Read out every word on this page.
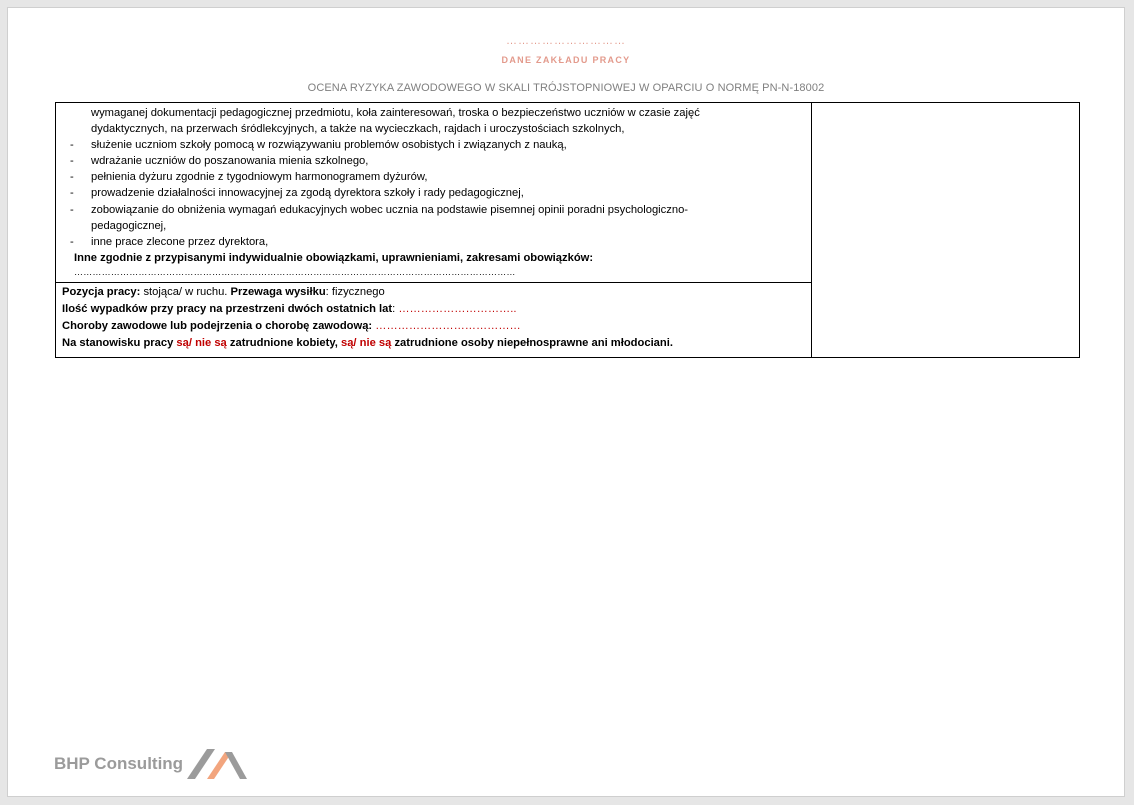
…………………………
DANE ZAKŁADU PRACY
OCENA RYZYKA ZAWODOWEGO W SKALI TRÓJSTOPNIOWEJ W OPARCIU O NORMĘ PN-N-18002
wymaganej dokumentacji pedagogicznej przedmiotu, koła zainteresowań, troska o bezpieczeństwo uczniów w czasie zajęć
dydaktycznych, na przerwach śródlekcyjnych, a także na wycieczkach, rajdach i uroczystościach szkolnych,
- służenie uczniom szkoły pomocą w rozwiązywaniu problemów osobistych i związanych z nauką,
- wdrażanie uczniów do poszanowania mienia szkolnego,
- pełnienia dyżuru zgodnie z tygodniowym harmonogramem dyżurów,
- prowadzenie działalności innowacyjnej za zgodą dyrektora szkoły i rady pedagogicznej,
- zobowiązanie do obniżenia wymagań edukacyjnych wobec ucznia na podstawie pisemnej opinii poradni psychologiczno-
pedagogicznej,
- inne prace zlecone przez dyrektora,
Inne zgodnie z przypisanymi indywidualnie obowiązkami, uprawnieniami, zakresami obowiązków:
………………………………………………………………………………………………………………………………
Pozycja pracy: stojąca/ w ruchu. Przewaga wysiłku: fizycznego
Ilość wypadków przy pracy na przestrzeni dwóch ostatnich lat: …………………………..
Choroby zawodowe lub podejrzenia o chorobę zawodową: …………………………………
Na stanowisku pracy są/ nie są zatrudnione kobiety, są/ nie są zatrudnione osoby niepełnosprawne ani młodociani.
BHP Consulting
